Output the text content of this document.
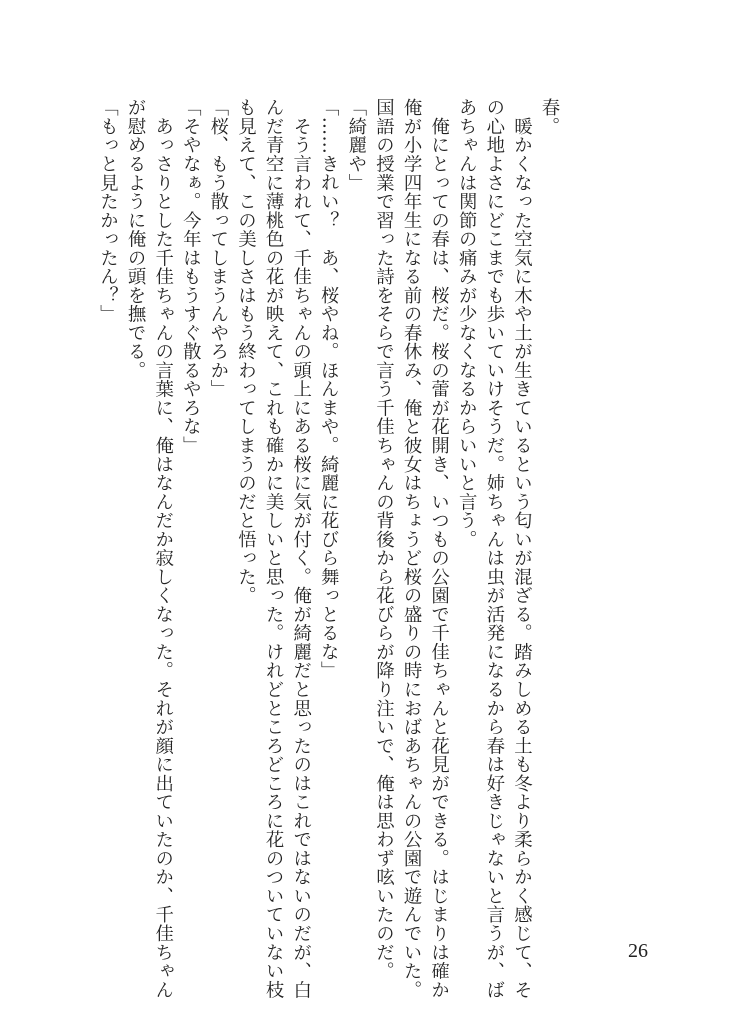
春。
　暖かくなった空気に木や土が生きているという匂いが混ざる。踏みしめる土も冬より柔らかく感じて、そ
の心地よさにどこまでも歩いていけそうだ。姉ちゃんは虫が活発になるから春は好きじゃないと言うが、ば
あちゃんは関節の痛みが少なくなるからいいと言う。
　俺にとっての春は、桜だ。桜の蕾が花開き、いつもの公園で千佳ちゃんと花見ができる。はじまりは確か
俺が小学四年生になる前の春休み、俺と彼女はちょうど桜の盛りの時におばあちゃんの公園で遊んでいた。
国語の授業で習った詩をそらで言う千佳ちゃんの背後から花びらが降り注いで、俺は思わず呟いたのだ。
「綺麗や」
「……きれい？　あ、桜やね。ほんまや。綺麗に花びら舞っとるな」
　そう言われて、千佳ちゃんの頭上にある桜に気が付く。俺が綺麗だと思ったのはこれではないのだが、白
んだ青空に薄桃色の花が映えて、これも確かに美しいと思った。けれどところどころに花のついていない枝
も見えて、この美しさはもう終わってしまうのだと悟った。
「桜、もう散ってしまうんやろか」
「そやなぁ。今年はもうすぐ散るやろな」
　あっさりとした千佳ちゃんの言葉に、俺はなんだか寂しくなった。それが顔に出ていたのか、千佳ちゃん
が慰めるように俺の頭を撫でる。
「もっと見たかったん？」
26
